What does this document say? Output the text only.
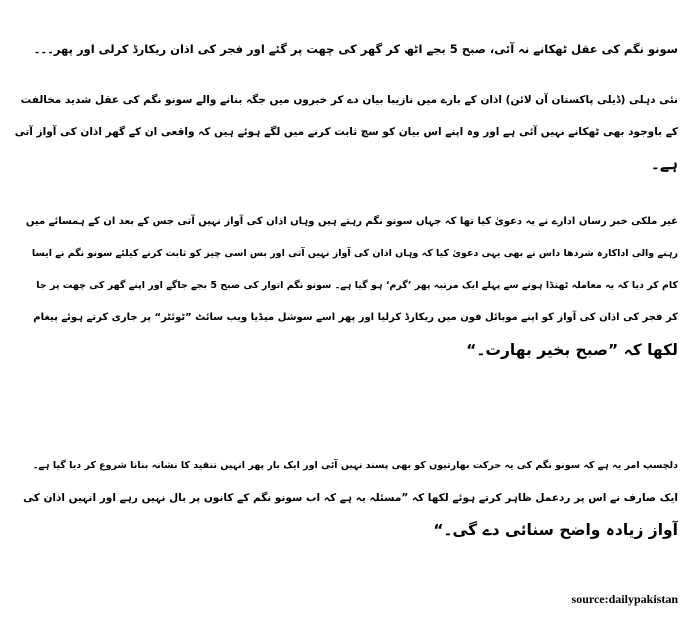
سونو نگم کی عقل ٹھکانے نہ آئی، صبح 5 بجے اٹھ کر گھر کی چھت پر گئے اور فجر کی اذان ریکارڈ کرلی اور پھر۔۔۔
نئی دہلی (ڈیلی پاکستان آن لائن) اذان کے بارے میں نازیبا بیان دے کر خبروں میں جگہ بنانے والے سونو نگم کی عقل شدید مخالفت
کے باوجود بھی ٹھکانے نہیں آئی ہے اور وہ اپنے اس بیان کو سچ ثابت کرنے میں لگے ہوئے ہیں کہ واقعی ان کے گھر اذان کی آواز آتی
ہے۔
غیر ملکی خبر رساں ادارے نے یہ دعویٰ کیا تھا کہ جہاں سونو نگم رہتے ہیں وہاں اذان کی آواز نہیں آتی جس کے بعد ان کے ہمسائے میں
رہنے والی اداکارہ شردھا داس نے بھی یہی دعویٰ کیا کہ وہاں اذان کی آواز نہیں آتی اور بس اسی چیز کو ثابت کرنے کیلئے سونو نگم نے ایسا
کام کر دیا کہ یہ معاملہ ٹھنڈا ہونے سے پہلے ایک مرتبہ پھر ’گرم‘ ہو گیا ہے۔ سونو نگم اتوار کی صبح 5 بجے جاگے اور اپنے گھر کی چھت پر جا
کر فجر کی اذان کی آواز کو اپنے موبائل فون میں ریکارڈ کرلیا اور پھر اسے سوشل میڈیا ویب سائٹ ”ٹوئٹر“ پر جاری کرتے ہوئے پیغام
لکھا کہ ”صبح بخیر بھارت۔“
دلچسپ امر یہ ہے کہ سونو نگم کی یہ حرکت بھارتیوں کو بھی پسند نہیں آئی اور ایک بار پھر انہیں تنقید کا نشانہ بنانا شروع کر دیا گیا ہے۔
ایک صارف نے اس پر ردعمل ظاہر کرتے ہوئے لکھا کہ ”مسئلہ یہ ہے کہ اب سونو نگم کے کانوں پر بال نہیں رہے اور انہیں اذان کی
آواز زیادہ واضح سنائی دے گی۔“
source:dailypakistan
